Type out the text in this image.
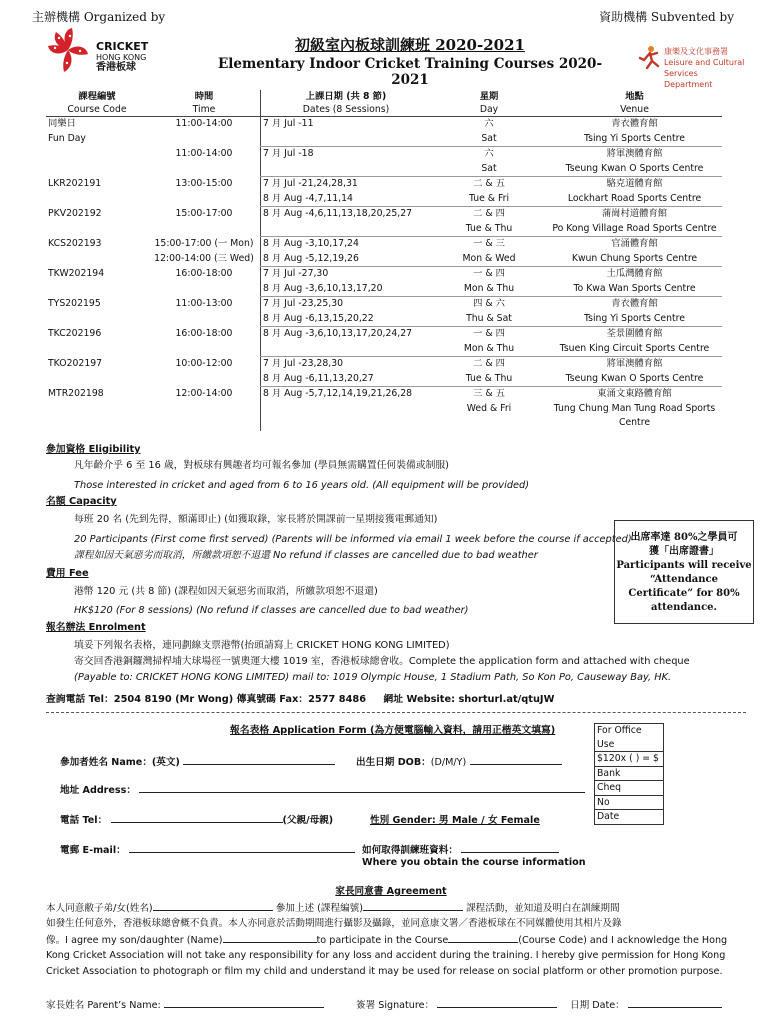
主辦機構 Organized by	資助機構 Subvented by
CRICKET
HONG KONG
香港板球
初級室內板球訓練班 2020-2021
Elementary Indoor Cricket Training Courses 2020-2021
康樂及文化事務署
Leisure and Cultural
Services Department
課程編號	時間	上課日期 (共 8 節)	星期	地點
Course Code	Time	Dates (8 Sessions)	Day	Venue
同樂日	11:00-14:00	7 月 Jul -11	六	青衣體育館
Fun Day			Sat	Tsing Yi Sports Centre
	11:00-14:00	7 月 Jul -18	六	將軍澳體育館
			Sat	Tseung Kwan O Sports Centre
LKR202191	13:00-15:00	7 月 Jul -21,24,28,31	二 & 五	駱克道體育館
		8 月 Aug -4,7,11,14	Tue & Fri	Lockhart Road Sports Centre
PKV202192	15:00-17:00	8 月 Aug -4,6,11,13,18,20,25,27	二 & 四	蒲崗村道體育館
			Tue & Thu	Po Kong Village Road Sports Centre
KCS202193	15:00-17:00 (一 Mon)	8 月 Aug -3,10,17,24	一 & 三	官涌體育館
	12:00-14:00 (三 Wed)	8 月 Aug -5,12,19,26	Mon & Wed	Kwun Chung Sports Centre
TKW202194	16:00-18:00	7 月 Jul -27,30	一 & 四	土瓜灣體育館
		8 月 Aug -3,6,10,13,17,20	Mon & Thu	To Kwa Wan Sports Centre
TYS202195	11:00-13:00	7 月 Jul -23,25,30	四 & 六	青衣體育館
		8 月 Aug -6,13,15,20,22	Thu & Sat	Tsing Yi Sports Centre
TKC202196	16:00-18:00	8 月 Aug -3,6,10,13,17,20,24,27	一 & 四	荃景圍體育館
			Mon & Thu	Tsuen King Circuit Sports Centre
TKO202197	10:00-12:00	7 月 Jul -23,28,30	二 & 四	將軍澳體育館
		8 月 Aug -6,11,13,20,27	Tue & Thu	Tseung Kwan O Sports Centre
MTR202198	12:00-14:00	8 月 Aug -5,7,12,14,19,21,26,28	三 & 五	東涌文東路體育館
			Wed & Fri	Tung Chung Man Tung Road Sports Centre
參加資格 Eligibility
凡年齡介乎 6 至 16 歲，對板球有興趣者均可報名參加 (學員無需購置任何裝備或制服)
Those interested in cricket and aged from 6 to 16 years old. (All equipment will be provided)
名額 Capacity
每班 20 名 (先到先得，額滿即止) (如獲取錄，家長將於開課前一星期接獲電郵通知)
20 Participants (First come first served) (Parents will be informed via email 1 week before the course if accepted)
課程如因天氣惡劣而取消，所繳款項恕不退還 No refund if classes are cancelled due to bad weather
費用 Fee
港幣 120 元 (共 8 節) (課程如因天氣惡劣而取消，所繳款項恕不退還)
HK$120 (For 8 sessions) (No refund if classes are cancelled due to bad weather)
出席率達 80%之學員可
獲「出席證書」
Participants will receive
“Attendance
Certificate” for 80%
attendance.
報名辦法 Enrolment
填妥下列報名表格，連同劃線支票港幣(抬頭請寫上 CRICKET HONG KONG LIMITED)
寄交回香港銅鑼灣掃桿埔大球場徑一號奧運大樓 1019 室，香港板球總會收。Complete the application form and attached with cheque
(Payable to: CRICKET HONG KONG LIMITED) mail to: 1019 Olympic House, 1 Stadium Path, So Kon Po, Causeway Bay, HK.
查詢電話 Tel：2504 8190 (Mr Wong) 傳真號碼 Fax：2577 8486 網址 Website: shorturl.at/qtuJW
報名表格 Application Form (為方便電腦輸入資料，請用正楷英文填寫)	For Office Use
$120x ( ) = $
Bank
Cheq
No
Date
參加者姓名 Name：(英文)	出生日期 DOB：(D/M/Y)
地址 Address：
電話 Tel：	(父親/母親)	性別 Gender: 男 Male / 女 Female
電郵 E-mail：	如何取得訓練班資料：
Where you obtain the course information
家長同意書 Agreement
本人同意敝子弟/女(姓名)	參加上述 (課程編號)	課程活動，並知道及明白在訓練期間
如發生任何意外，香港板球總會概不負責。本人亦同意於活動期間進行攝影及攝錄，並同意康文署／香港板球在不同媒體使用其相片及錄
像。I agree my son/daughter (Name)	to participate in the Course	(Course Code) and I acknowledge the Hong
Kong Cricket Association will not take any responsibility for any loss and accident during the training. I hereby give permission for Hong Kong
Cricket Association to photograph or film my child and understand it may be used for release on social platform or other promotion purpose.
家長姓名 Parent’s Name:	簽署 Signature：	日期 Date：
